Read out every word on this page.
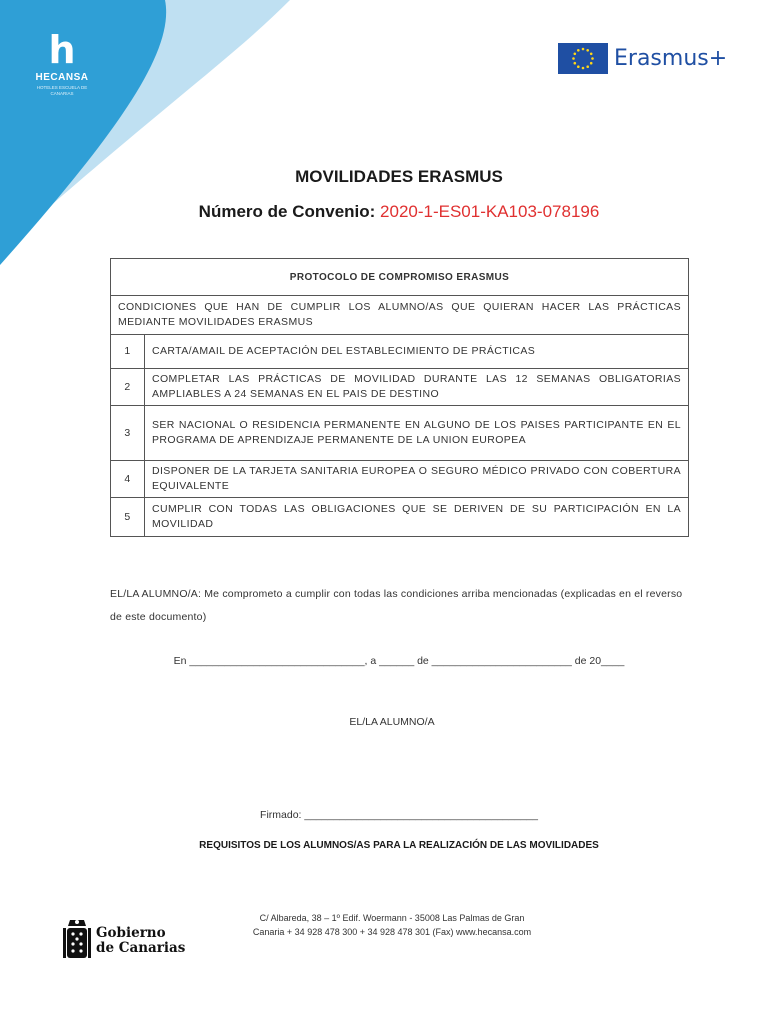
h
HECANSA
HOTELES ESCUELA DE CANARIAS
Erasmus+
MOVILIDADES ERASMUS
Número de Convenio: 2020-1-ES01-KA103-078196
PROTOCOLO DE COMPROMISO ERASMUS	
CONDICIONES QUE HAN DE CUMPLIR LOS ALUMNO/AS QUE QUIERAN HACER LAS PRÁCTICAS MEDIANTE MOVILIDADES ERASMUS	
1	CARTA/AMAIL DE ACEPTACIÓN DEL ESTABLECIMIENTO DE PRÁCTICAS
2	COMPLETAR LAS PRÁCTICAS DE MOVILIDAD DURANTE LAS 12 SEMANAS OBLIGATORIAS AMPLIABLES A 24 SEMANAS EN EL PAIS DE DESTINO
3	SER NACIONAL O RESIDENCIA PERMANENTE EN ALGUNO DE LOS PAISES PARTICIPANTE EN EL PROGRAMA DE APRENDIZAJE PERMANENTE DE LA UNION EUROPEA
4	DISPONER DE LA TARJETA SANITARIA EUROPEA O SEGURO MÉDICO PRIVADO CON COBERTURA EQUIVALENTE
5	CUMPLIR CON TODAS LAS OBLIGACIONES QUE SE DERIVEN DE SU PARTICIPACIÓN EN LA MOVILIDAD
EL/LA ALUMNO/A: Me comprometo a cumplir con todas las condiciones arriba mencionadas (explicadas en el reverso de este documento)
En ______________________________, a ______ de ________________________ de 20____
EL/LA ALUMNO/A
Firmado: ________________________________________
REQUISITOS DE LOS ALUMNOS/AS PARA LA REALIZACIÓN DE LAS MOVILIDADES
Gobierno
de Canarias
C/ Albareda, 38 – 1º Edif. Woermann - 35008 Las Palmas de Gran
Canaria + 34 928 478 300 + 34 928 478 301 (Fax) www.hecansa.com
